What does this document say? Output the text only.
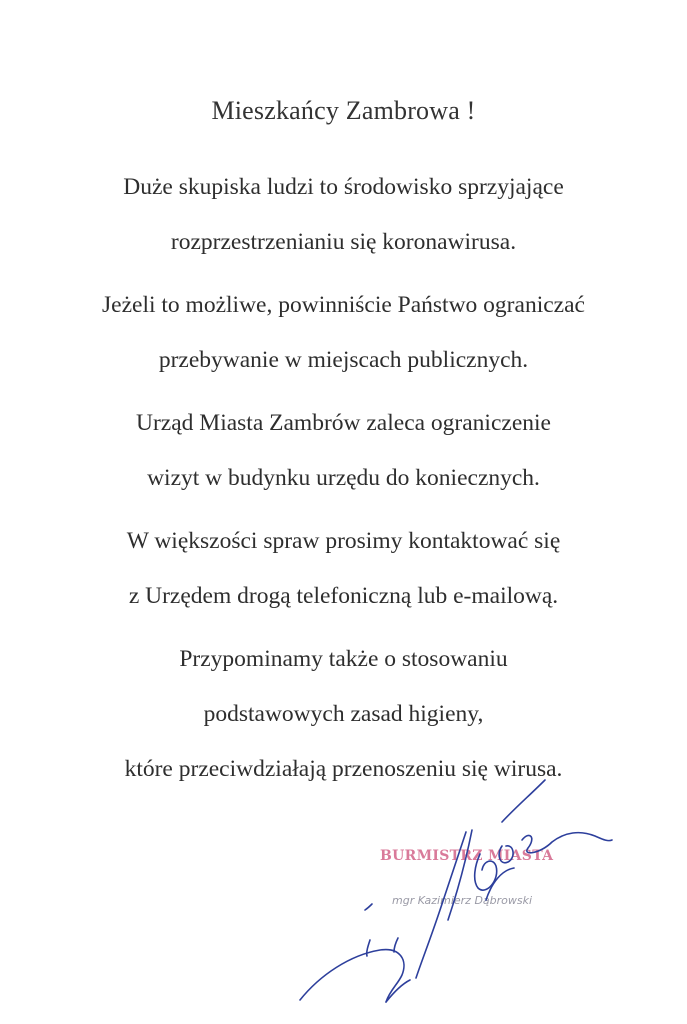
Mieszkańcy Zambrowa !
Duże skupiska ludzi to środowisko sprzyjające
rozprzestrzenianiu się koronawirusa.
Jeżeli to możliwe, powinniście Państwo ograniczać
przebywanie w miejscach publicznych.
Urząd Miasta Zambrów zaleca ograniczenie
wizyt w budynku urzędu do koniecznych.
W większości spraw prosimy kontaktować się
z Urzędem drogą telefoniczną lub e-mailową.
Przypominamy także o stosowaniu
podstawowych zasad higieny,
które przeciwdziałają przenoszeniu się wirusa.
BURMISTRZ MIASTA
mgr Kazimierz Dąbrowski
